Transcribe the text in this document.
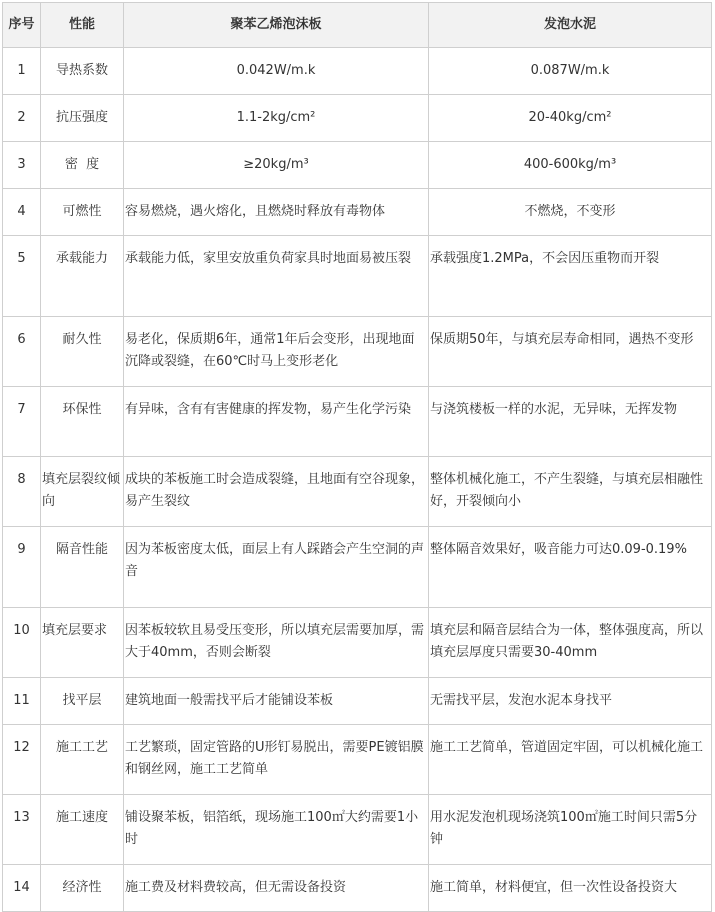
序号	性能	聚苯乙烯泡沫板	发泡水泥
1	导热系数	0.042W/m.k	0.087W/m.k
2	抗压强度	1.1-2kg/cm²	20-40kg/cm²
3	密  度	≥20kg/m³	400-600kg/m³
4	可燃性	容易燃烧，遇火熔化，且燃烧时释放有毒物体	不燃烧，不变形
5	承载能力	承载能力低，家里安放重负荷家具时地面易被压裂	承载强度1.2MPa，不会因压重物而开裂
6	耐久性	易老化，保质期6年，通常1年后会变形，出现地面沉降或裂缝，在60℃时马上变形老化	保质期50年，与填充层寿命相同，遇热不变形
7	环保性	有异味，含有有害健康的挥发物，易产生化学污染	与浇筑楼板一样的水泥，无异味，无挥发物
8	填充层裂纹倾向	成块的苯板施工时会造成裂缝，且地面有空谷现象，易产生裂纹	整体机械化施工，不产生裂缝，与填充层相融性好，开裂倾向小
9	隔音性能	因为苯板密度太低，面层上有人踩踏会产生空洞的声音	整体隔音效果好，吸音能力可达0.09-0.19%
10	填充层要求	因苯板较软且易受压变形，所以填充层需要加厚，需大于40mm，否则会断裂	填充层和隔音层结合为一体，整体强度高，所以填充层厚度只需要30-40mm
11	找平层	建筑地面一般需找平后才能铺设苯板	无需找平层，发泡水泥本身找平
12	施工工艺	工艺繁琐，固定管路的U形钉易脱出，需要PE镀铝膜和钢丝网，施工工艺简单	施工工艺简单，管道固定牢固，可以机械化施工
13	施工速度	铺设聚苯板，铝箔纸，现场施工100㎡大约需要1小时	用水泥发泡机现场浇筑100㎡施工时间只需5分钟
14	经济性	施工费及材料费较高，但无需设备投资	施工简单，材料便宜，但一次性设备投资大
